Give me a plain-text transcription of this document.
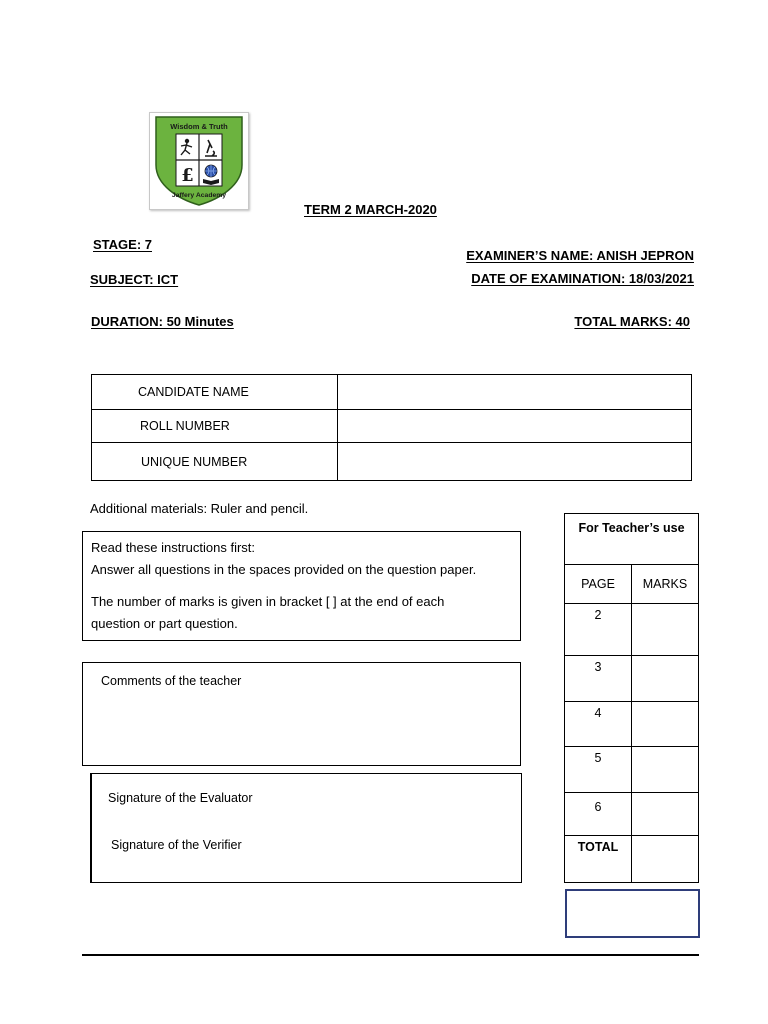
Wisdom & Truth
£
Jaffery Academy
TERM 2 MARCH-2020
STAGE: 7
SUBJECT: ICT
DURATION: 50 Minutes
EXAMINER’S NAME: ANISH JEPRON
DATE OF EXAMINATION: 18/03/2021
TOTAL MARKS: 40
CANDIDATE NAME	
ROLL NUMBER	
UNIQUE NUMBER	
Additional materials: Ruler and pencil.
Read these instructions first:
Answer all questions in the spaces provided on the question paper.
The number of marks is given in bracket [ ] at the end of each
question or part question.
Comments of the teacher
Signature of the Evaluator
Signature of the Verifier
For Teacher’s use	
PAGE	MARKS
2	
3	
4	
5	
6	
TOTAL	
